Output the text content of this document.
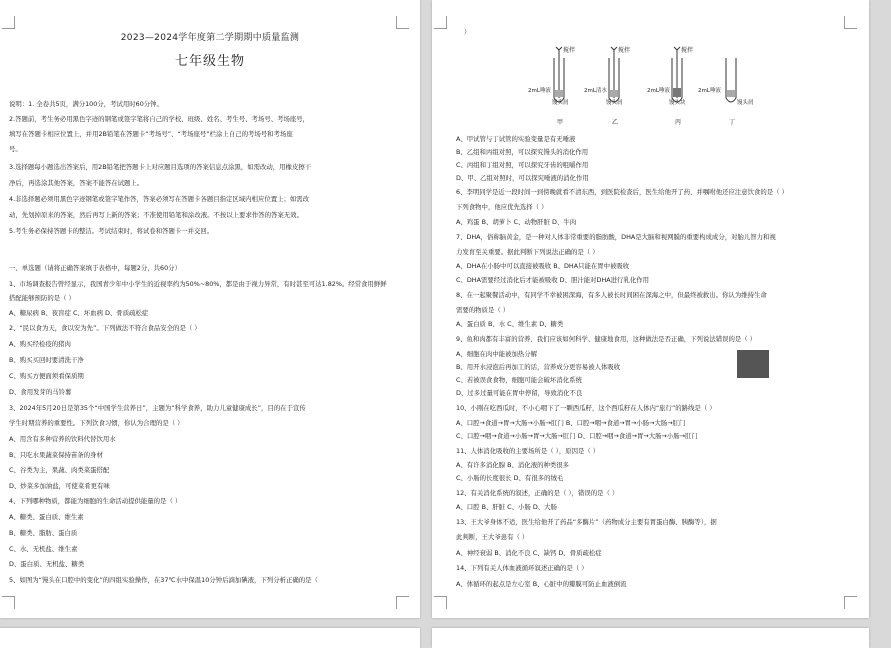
2023—2024学年度第二学期期中质量监测
七年级生物
说明：1. 全卷共5页，满分100分，考试用时60分钟。
2.答题前，考生务必用黑色字迹的钢笔或签字笔将自己的学校、班级、姓名、考生号、考场号、考场座号，
填写在答题卡相应位置上，并用2B铅笔在答题卡“考场号”、“考场座号”栏涂上自己的考场号和考场座
号。
3.选择题每小题选出答案后，用2B铅笔把答题卡上对应题目选项的答案信息点涂黑，如需改动，用橡皮擦干
净后，再选涂其他答案，答案不能答在试题上。
4.非选择题必须用黑色字迹钢笔或签字笔作答，答案必须写在答题卡各题目指定区域内相应位置上；如需改
动，先划掉原来的答案，然后再写上新的答案；不准使用铅笔和涂改液。不按以上要求作答的答案无效。
5.考生务必保持答题卡的整洁。考试结束时，将试卷和答题卡一并交回。
一、单选题（请将正确答案填于表格中，每题2分，共60分）
1、市场调查报告曾经显示，我国青少年中小学生的近视率约为50%~80%，都是由于视力异常，有时甚至可达1.82%。经常食用鲜鲜
搭配能够预防的是（ ）
A、糖尿病 B、夜盲症 C、坏血病 D、骨质疏松症
2、“民以食为天，食以安为先”。下列做法不符合食品安全的是（ ）
A、购买经检疫的猪肉
B、购买买回时要清洗干净
C、购买方便面须看保质期
D、食用发芽的马铃薯
3、2024年5月20日是第35个“中国学生营养日”，主题为“科学食养，助力儿童健康成长”，目的在于宣传
学生时期营养的重要性。下列饮食习惯，你认为合理的是（ ）
A、用含有多种营养的饮料代替饮用水
B、只吃水果蔬菜保持苗条的身材
C、谷类为主，果蔬、肉类菜蛋搭配
D、炒菜多加油盐，可使菜肴更有味
4、下列哪种物质，都能为细胞的生命活动提供能量的是（ ）
A、糖类、蛋白质、维生素
B、糖类、脂肪、蛋白质
C、水、无机盐、维生素
D、蛋白质、无机盐、糖类
5、如图为“馒头在口腔中的变化”的四组实验操作，在37℃水中保温10分钟后滴加碘液，下列分析正确的是（
）
搅拌	搅拌	搅拌
2mL唾液	2mL清水	2mL唾液	2mL唾液
馒头屑	馒头屑	馒头块	馒头屑
甲	乙	丙	丁
A、甲试管与丁试管的实验变量是有无唾液
B、乙组和丙组对照，可以探究馒头的消化作用
C、丙组和丁组对照，可以探究牙齿的咀嚼作用
D、甲、乙组对照时，可以探究唾液的消化作用
6、李明同学是近一段时间一到傍晚就看不清东西，到医院检查后，医生给他开了药，并嘱咐他还应注意饮食的是（ ）
下列食物中，他应优先选择（ ）
A、鸡蛋 B、胡萝卜 C、动物肝脏 D、牛肉
7、DHA，俗称脑黄金，是一种对人体非常重要的脂肪酸，DHA是大脑和视网膜的重要构成成分，对胎儿智力和视
力发育至关重要。据此判断下列说法正确的是（ ）
A、DHA在小肠中可以直接被吸收 B、DHA只能在胃中被吸收
C、DHA需要经过消化后才能被吸收 D、胆汁能对DHA进行乳化作用
8、在一起聚餐活动中，有同学不幸被困深海，有多人被长时间困在深海之中，但最终被救出。你认为维持生命
需要的物质是（ ）
A、蛋白质 B、水 C、维生素 D、糖类
9、鱼和肉都有丰富的营养，我们应该如何科学、健康地食用，这种做法是否正确，下列说法错误的是（ ）
A、细胞在肉中能被加热分解
B、用开水浸泡后再加工的话，营养成分更容易被人体吸收
C、若被误食食物，细胞可能会破坏消化系统
D、过多过量可能在胃中停留，导致消化不良
10、小刚在吃西瓜时，不小心咽下了一颗西瓜籽，这个西瓜籽在人体内“旅行”的路线是（ ）
A、口腔→食道→胃→大肠→小肠→肛门 B、口腔→咽→食道→胃→小肠→大肠→肛门
C、口腔→咽→食道→小肠→胃→大肠→肛门 D、口腔→咽→食道→胃→大肠→小肠→肛门
11、人体消化吸收的主要场所是（ ），原因是（ ）
A、有许多消化腺 B、消化液的种类很多
C、小肠的长度很长 D、有很多的绒毛
12、有关消化系统的叙述，正确的是（ ），错误的是（ ）
A、口腔 B、肝脏 C、小肠 D、大肠
13、王大爷身体不适，医生给他开了药品“多酶片”（药物成分主要有胃蛋白酶、胰酶等），据
此判断，王大爷患有（ ）
A、神经衰弱 B、消化不良 C、缺钙 D、骨质疏松症
14、下列有关人体血液循环叙述正确的是（ ）
A、体循环的起点是左心室 B、心脏中的瓣膜可防止血液倒流
